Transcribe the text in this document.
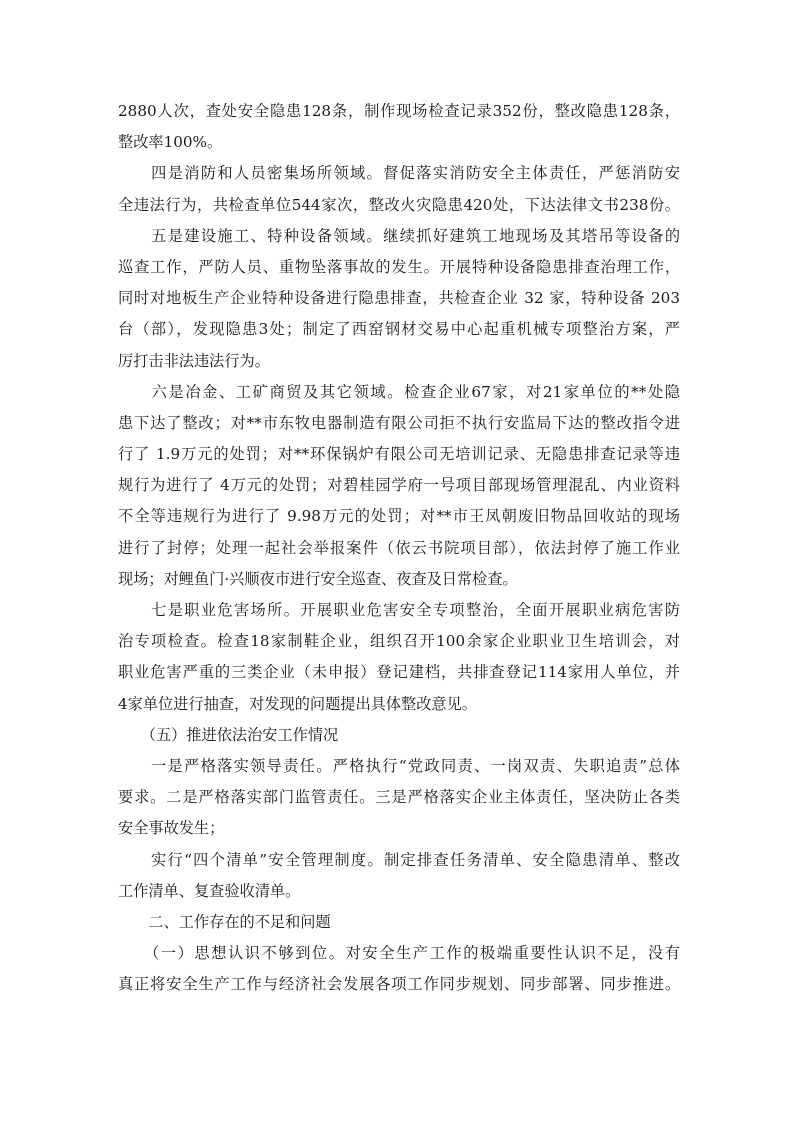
2880人次，查处安全隐患128条，制作现场检查记录352份，整改隐患128条，
整改率100%。
　　四是消防和人员密集场所领域。督促落实消防安全主体责任，严惩消防安
全违法行为，共检查单位544家次，整改火灾隐患420处，下达法律文书238份。
　　五是建设施工、特种设备领域。继续抓好建筑工地现场及其塔吊等设备的
巡查工作，严防人员、重物坠落事故的发生。开展特种设备隐患排查治理工作，
同时对地板生产企业特种设备进行隐患排查，共检查企业 32 家，特种设备 203
台（部），发现隐患3处；制定了西窑钢材交易中心起重机械专项整治方案，严
厉打击非法违法行为。
　　六是冶金、工矿商贸及其它领域。检查企业67家，对21家单位的**处隐
患下达了整改；对**市东牧电器制造有限公司拒不执行安监局下达的整改指令进
行了 1.9万元的处罚；对**环保锅炉有限公司无培训记录、无隐患排查记录等违
规行为进行了 4万元的处罚；对碧桂园学府一号项目部现场管理混乱、内业资料
不全等违规行为进行了 9.98万元的处罚；对**市王凤朝废旧物品回收站的现场
进行了封停；处理一起社会举报案件（依云书院项目部），依法封停了施工作业
现场；对鲤鱼门·兴顺夜市进行安全巡查、夜查及日常检查。
　　七是职业危害场所。开展职业危害安全专项整治，全面开展职业病危害防
治专项检查。检查18家制鞋企业，组织召开100余家企业职业卫生培训会，对
职业危害严重的三类企业（未申报）登记建档，共排查登记114家用人单位，并
4家单位进行抽查，对发现的问题提出具体整改意见。
　　（五）推进依法治安工作情况
　　一是严格落实领导责任。严格执行“党政同责、一岗双责、失职追责”总体
要求。二是严格落实部门监管责任。三是严格落实企业主体责任，坚决防止各类
安全事故发生；
　　实行“四个清单”安全管理制度。制定排查任务清单、安全隐患清单、整改
工作清单、复查验收清单。
　　二、工作存在的不足和问题
　　（一）思想认识不够到位。对安全生产工作的极端重要性认识不足，没有
真正将安全生产工作与经济社会发展各项工作同步规划、同步部署、同步推进。
